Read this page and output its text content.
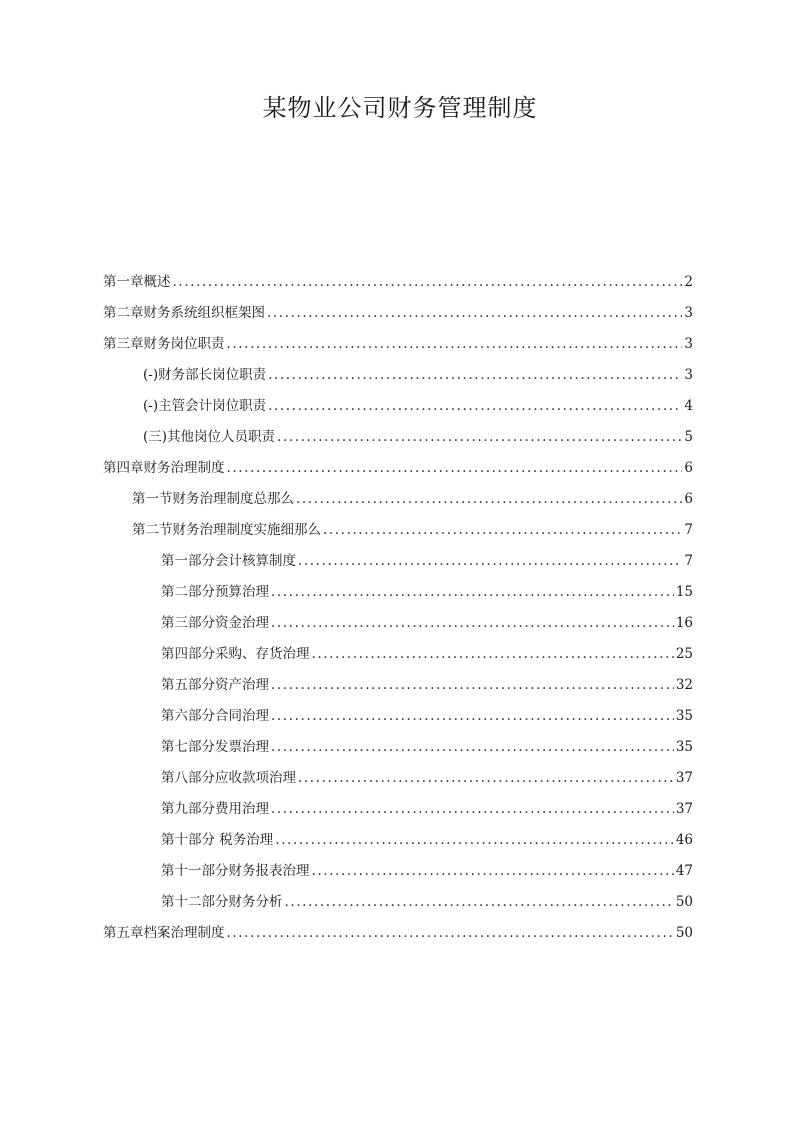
某物业公司财务管理制度
第一章概述 .....	2
第二章财务系统组织框架图 .....	3
第三章财务岗位职责 .....	3
(-)财务部长岗位职责 .....	3
(-)主管会计岗位职责 .....	4
(三)其他岗位人员职责 .....	5
第四章财务治理制度 .....	6
第一节财务治理制度总那么 .....	6
第二节财务治理制度实施细那么 .....	7
第一部分会计核算制度 .....	7
第二部分预算治理 .....	15
第三部分资金治理 .....	16
第四部分采购、存货治理 .....	25
第五部分资产治理 .....	32
第六部分合同治理 .....	35
第七部分发票治理 .....	35
第八部分应收款项治理 .....	37
第九部分费用治理 .....	37
第十部分 税务治理 .....	46
第十一部分财务报表治理 .....	47
第十二部分财务分析 .....	50
第五章档案治理制度 .....	50
